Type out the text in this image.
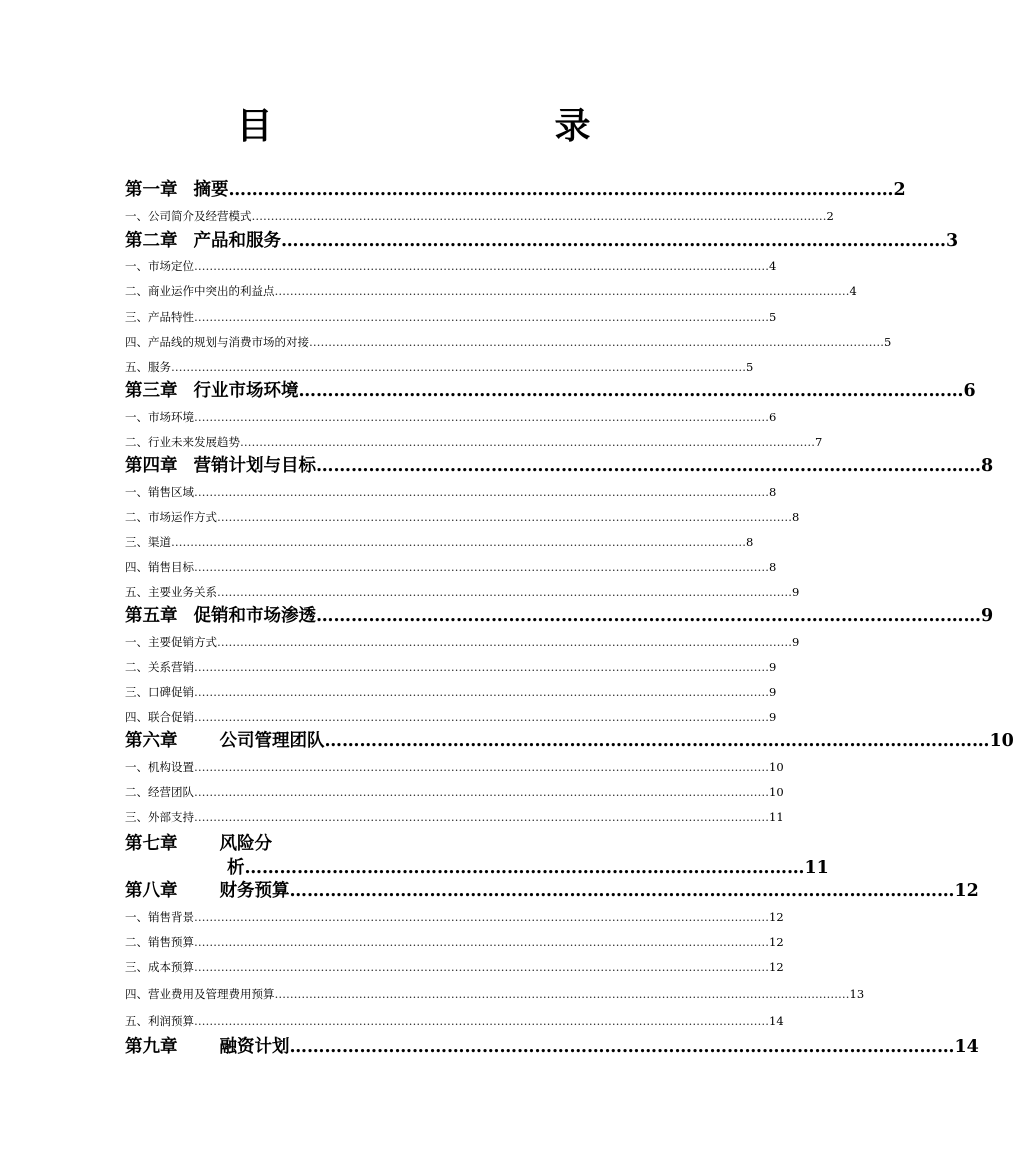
目　　录
第一章 摘要 …………………………………………………………………………………………………… 2
一、公司简介及经营模式 …………………………………………………………………………………………………………………………………… 2
第二章 产品和服务 …………………………………………………………………………………………………… 3
一、市场定位 …………………………………………………………………………………………………………………………………… 4
二、商业运作中突出的利益点 …………………………………………………………………………………………………………………………………… 4
三、产品特性 …………………………………………………………………………………………………………………………………… 5
四、产品线的规划与消费市场的对接 …………………………………………………………………………………………………………………………………… 5
五、服务 …………………………………………………………………………………………………………………………………… 5
第三章 行业市场环境 …………………………………………………………………………………………………… 6
一、市场环境 …………………………………………………………………………………………………………………………………… 6
二、行业未来发展趋势 …………………………………………………………………………………………………………………………………… 7
第四章 营销计划与目标 …………………………………………………………………………………………………… 8
一、销售区域 …………………………………………………………………………………………………………………………………… 8
二、市场运作方式 …………………………………………………………………………………………………………………………………… 8
三、渠道 …………………………………………………………………………………………………………………………………… 8
四、销售目标 …………………………………………………………………………………………………………………………………… 8
五、主要业务关系 …………………………………………………………………………………………………………………………………… 9
第五章 促销和市场渗透 …………………………………………………………………………………………………… 9
一、主要促销方式 …………………………………………………………………………………………………………………………………… 9
二、关系营销 …………………………………………………………………………………………………………………………………… 9
三、口碑促销 …………………………………………………………………………………………………………………………………… 9
四、联合促销 …………………………………………………………………………………………………………………………………… 9
第六章 公司管理团队 …………………………………………………………………………………………………… 10
一、机构设置 …………………………………………………………………………………………………………………………………… 10
二、经营团队 …………………………………………………………………………………………………………………………………… 10
三、外部支持 …………………………………………………………………………………………………………………………………… 11
第七章 风险分
析 …………………………………………………………………………………… 11
第八章 财务预算 …………………………………………………………………………………………………… 12
一、销售背景 …………………………………………………………………………………………………………………………………… 12
二、销售预算 …………………………………………………………………………………………………………………………………… 12
三、成本预算 …………………………………………………………………………………………………………………………………… 12
四、营业费用及管理费用预算 …………………………………………………………………………………………………………………………………… 13
五、利润预算 …………………………………………………………………………………………………………………………………… 14
第九章 融资计划 …………………………………………………………………………………………………… 14
